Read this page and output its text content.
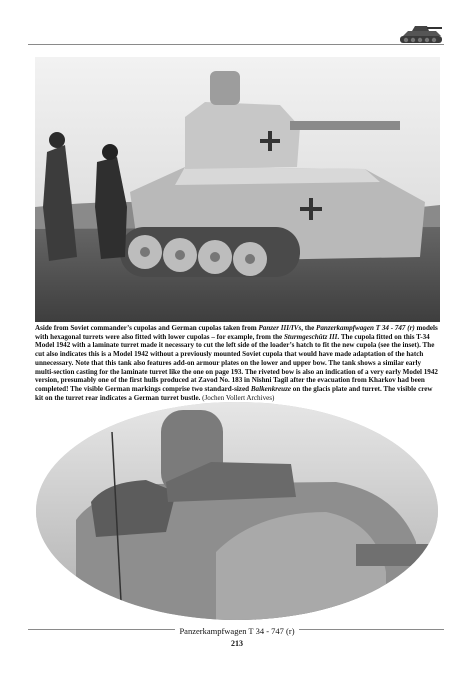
Aside from Soviet commander’s cupolas and German cupolas taken from Panzer III/IVs, the Panzerkampfwagen T 34 - 747 (r) models with hexagonal turrets were also fitted with lower cupolas – for example, from the Sturmgeschütz III. The cupola fitted on this T-34 Model 1942 with a laminate turret made it necessary to cut the left side of the loader’s hatch to fit the new cupola (see the inset). The cut also indicates this is a Model 1942 without a previously mounted Soviet cupola that would have made adaptation of the hatch unnecessary. Note that this tank also features add-on armour plates on the lower and upper bow. The tank shows a similar early multi-section casting for the laminate turret like the one on page 193. The riveted bow is also an indication of a very early Model 1942 version, presumably one of the first hulls produced at Zavod No. 183 in Nishni Tagil after the evacuation from Kharkov had been completed! The visible German markings comprise two standard-sized Balkenkreuze on the glacis plate and turret. The visible crew kit on the turret rear indicates a German turret bustle. (Jochen Vollert Archives)

Panzerkampfwagen T 34 - 747 (r)
213
